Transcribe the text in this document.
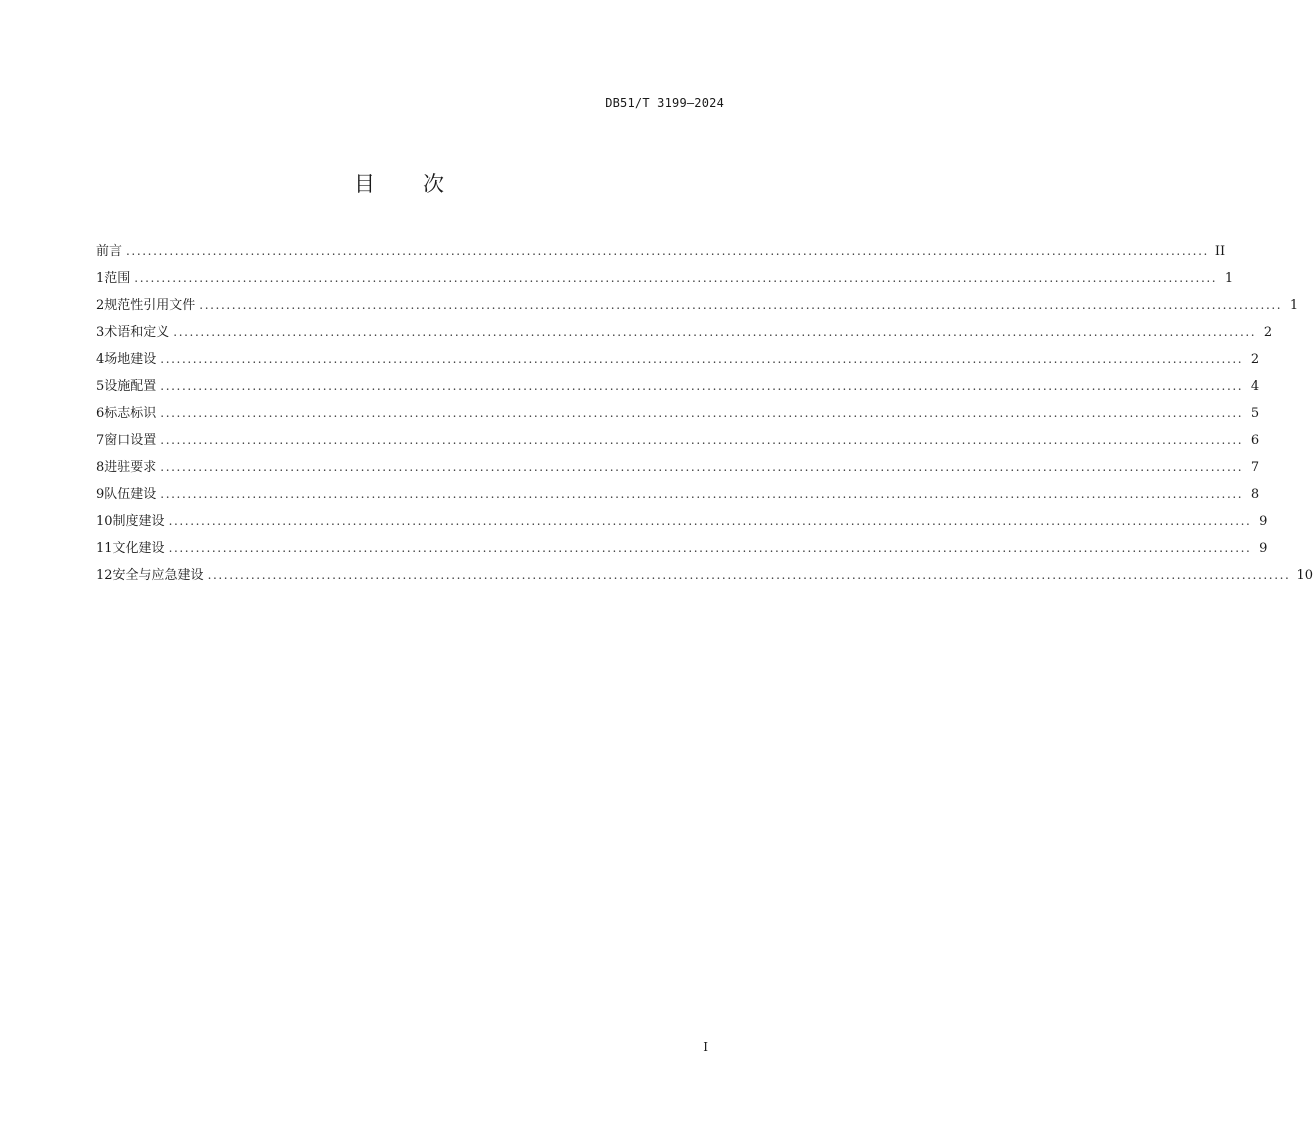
DB51/T 3199—2024
目 次
前言 ........................................................................................................................................................................................................ II
1 范围 ........................................................................................................................................................................................................ 1
2 规范性引用文件 ........................................................................................................................................................................................................ 1
3 术语和定义 ........................................................................................................................................................................................................ 2
4 场地建设 ........................................................................................................................................................................................................ 2
5 设施配置 ........................................................................................................................................................................................................ 4
6 标志标识 ........................................................................................................................................................................................................ 5
7 窗口设置 ........................................................................................................................................................................................................ 6
8 进驻要求 ........................................................................................................................................................................................................ 7
9 队伍建设 ........................................................................................................................................................................................................ 8
10 制度建设 ........................................................................................................................................................................................................ 9
11 文化建设 ........................................................................................................................................................................................................ 9
12 安全与应急建设 ........................................................................................................................................................................................................ 10
I
